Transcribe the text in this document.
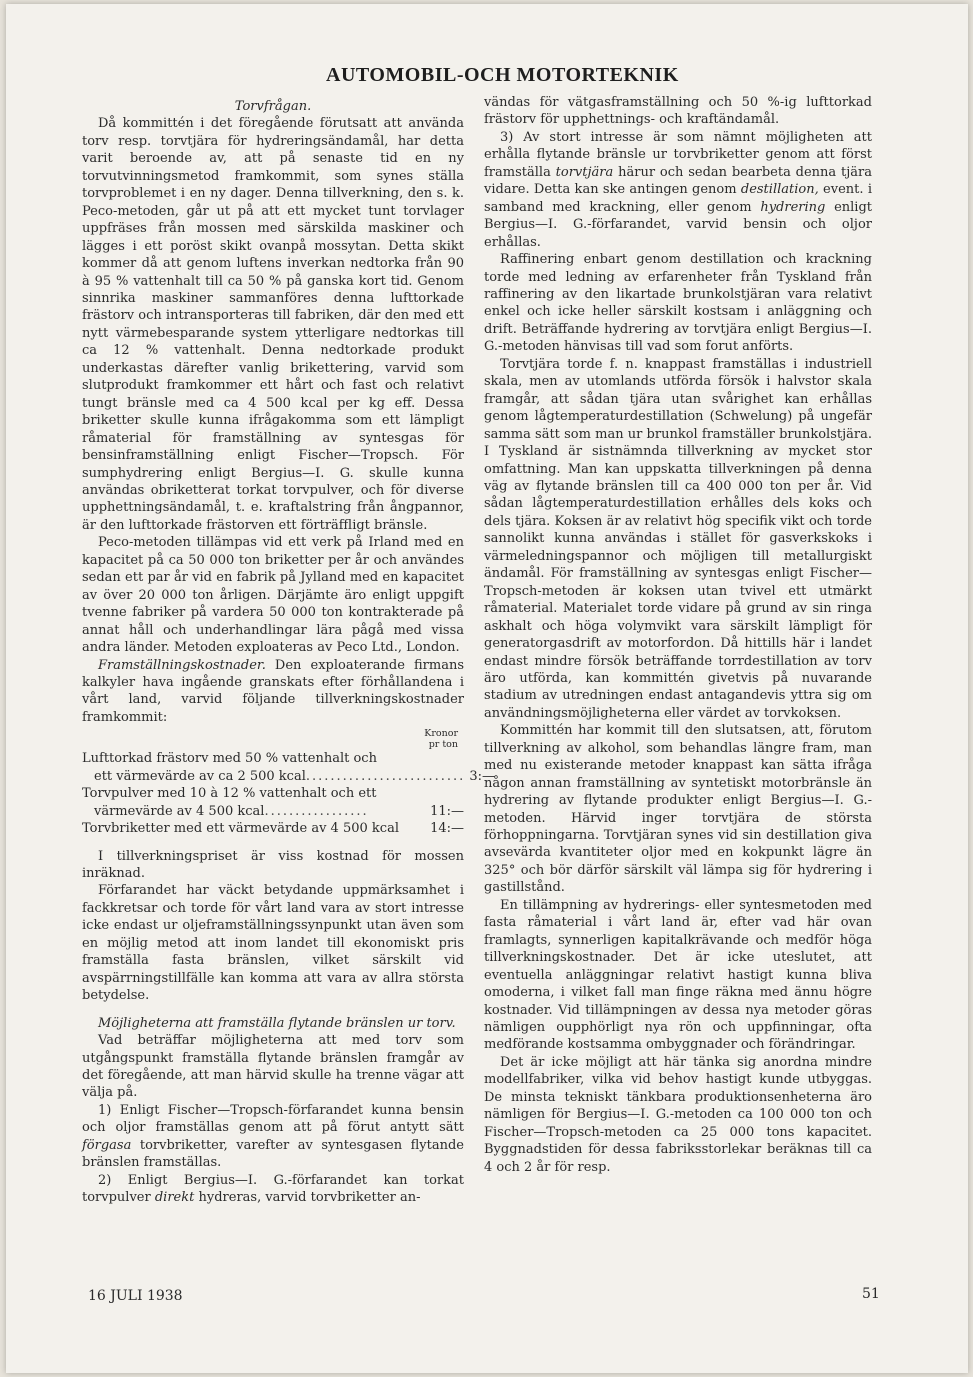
AUTOMOBIL-OCH MOTORTEKNIK

Torvfrågan.

Då kommittén i det föregående förutsatt att använda torv resp. torvtjära för hydreringsändamål, har detta varit beroende av, att på senaste tid en ny torvutvinningsmetod framkommit, som synes ställa torvproblemet i en ny dager. Denna tillverkning, den s. k. Peco-metoden, går ut på att ett mycket tunt torvlager uppfräses från mossen med särskilda maskiner och lägges i ett poröst skikt ovanpå mossytan. Detta skikt kommer då att genom luftens inverkan nedtorka från 90 à 95 % vattenhalt till ca 50 % på ganska kort tid. Genom sinnrika maskiner sammanföres denna lufttorkade frästorv och intransporteras till fabriken, där den med ett nytt värmebesparande system ytterligare nedtorkas till ca 12 % vattenhalt. Denna nedtorkade produkt underkastas därefter vanlig brikettering, varvid som slutprodukt framkommer ett hårt och fast och relativt tungt bränsle med ca 4 500 kcal per kg eff. Dessa briketter skulle kunna ifrågakomma som ett lämpligt råmaterial för framställning av syntesgas för bensinframställning enligt Fischer—Tropsch. För sumphydrering enligt Bergius—I. G. skulle kunna användas obriketterat torkat torvpulver, och för diverse upphettningsändamål, t. e. kraftalstring från ångpannor, är den lufttorkade frästorven ett förträffligt bränsle.

Peco-metoden tillämpas vid ett verk på Irland med en kapacitet på ca 50 000 ton briketter per år och användes sedan ett par år vid en fabrik på Jylland med en kapacitet av över 20 000 ton årligen. Därjämte äro enligt uppgift tvenne fabriker på vardera 50 000 ton kontrakterade på annat håll och underhandlingar lära pågå med vissa andra länder. Metoden exploateras av Peco Ltd., London.

Framställningskostnader. Den exploaterande firmans kalkyler hava ingående granskats efter förhållandena i vårt land, varvid följande tillverkningskostnader framkommit:

Kronor
pr ton
Lufttorkad frästorv med 50 % vattenhalt och
ett värmevärde av ca 2 500 kcal .......................... 3:—
Torvpulver med 10 à 12 % vattenhalt och ett
värmevärde av 4 500 kcal .................	11:—
Torvbriketter med ett värmevärde av 4 500 kcal	14:—

I tillverkningspriset är viss kostnad för mossen inräknad.

Förfarandet har väckt betydande uppmärksamhet i fackkretsar och torde för vårt land vara av stort intresse icke endast ur oljeframställningssynpunkt utan även som en möjlig metod att inom landet till ekonomiskt pris framställa fasta bränslen, vilket särskilt vid avspärrningstillfälle kan komma att vara av allra största betydelse.

Möjligheterna att framställa flytande bränslen ur torv.

Vad beträffar möjligheterna att med torv som utgångspunkt framställa flytande bränslen framgår av det föregående, att man härvid skulle ha trenne vägar att välja på.

1) Enligt Fischer—Tropsch-förfarandet kunna bensin och oljor framställas genom att på förut antytt sätt förgasa torvbriketter, varefter av syntesgasen flytande bränslen framställas.

2) Enligt Bergius—I. G.-förfarandet kan torkat torvpulver direkt hydreras, varvid torvbriketter an-

vändas för vätgasframställning och 50 %-ig lufttorkad frästorv för upphettnings- och kraftändamål.

3) Av stort intresse är som nämnt möjligheten att erhålla flytande bränsle ur torvbriketter genom att först framställa torvtjära härur och sedan bearbeta denna tjära vidare. Detta kan ske antingen genom destillation, event. i samband med krackning, eller genom hydrering enligt Bergius—I. G.-förfarandet, varvid bensin och oljor erhållas.

Raffinering enbart genom destillation och krackning torde med ledning av erfarenheter från Tyskland från raffinering av den likartade brunkolstjäran vara relativt enkel och icke heller särskilt kostsam i anläggning och drift. Beträffande hydrering av torvtjära enligt Bergius—I. G.-metoden hänvisas till vad som forut anförts.

Torvtjära torde f. n. knappast framställas i industriell skala, men av utomlands utförda försök i halvstor skala framgår, att sådan tjära utan svårighet kan erhållas genom lågtemperaturdestillation (Schwelung) på ungefär samma sätt som man ur brunkol framställer brunkolstjära. I Tyskland är sistnämnda tillverkning av mycket stor omfattning. Man kan uppskatta tillverkningen på denna väg av flytande bränslen till ca 400 000 ton per år. Vid sådan lågtemperaturdestillation erhålles dels koks och dels tjära. Koksen är av relativt hög specifik vikt och torde sannolikt kunna användas i stället för gasverkskoks i värmeledningspannor och möjligen till metallurgiskt ändamål. För framställning av syntesgas enligt Fischer—Tropsch-metoden är koksen utan tvivel ett utmärkt råmaterial. Materialet torde vidare på grund av sin ringa askhalt och höga volymvikt vara särskilt lämpligt för generatorgasdrift av motorfordon. Då hittills här i landet endast mindre försök beträffande torrdestillation av torv äro utförda, kan kommittén givetvis på nuvarande stadium av utredningen endast antagandevis yttra sig om användningsmöjligheterna eller värdet av torvkoksen.

Kommittén har kommit till den slutsatsen, att, förutom tillverkning av alkohol, som behandlas längre fram, man med nu existerande metoder knappast kan sätta ifråga någon annan framställning av syntetiskt motorbränsle än hydrering av flytande produkter enligt Bergius—I. G.-metoden. Härvid inger torvtjära de största förhoppningarna. Torvtjäran synes vid sin destillation giva avsevärda kvantiteter oljor med en kokpunkt lägre än 325° och bör därför särskilt väl lämpa sig för hydrering i gastillstånd.

En tillämpning av hydrerings- eller syntesmetoden med fasta råmaterial i vårt land är, efter vad här ovan framlagts, synnerligen kapitalkrävande och medför höga tillverkningskostnader. Det är icke uteslutet, att eventuella anläggningar relativt hastigt kunna bliva omoderna, i vilket fall man finge räkna med ännu högre kostnader. Vid tillämpningen av dessa nya metoder göras nämligen oupphörligt nya rön och uppfinningar, ofta medförande kostsamma ombyggnader och förändringar.

Det är icke möjligt att här tänka sig anordna mindre modellfabriker, vilka vid behov hastigt kunde utbyggas. De minsta tekniskt tänkbara produktionsenheterna äro nämligen för Bergius—I. G.-metoden ca 100 000 ton och Fischer—Tropsch-metoden ca 25 000 tons kapacitet. Byggnadstiden för dessa fabriksstorlekar beräknas till ca 4 och 2 år för resp.

16 JULI 1938	51
